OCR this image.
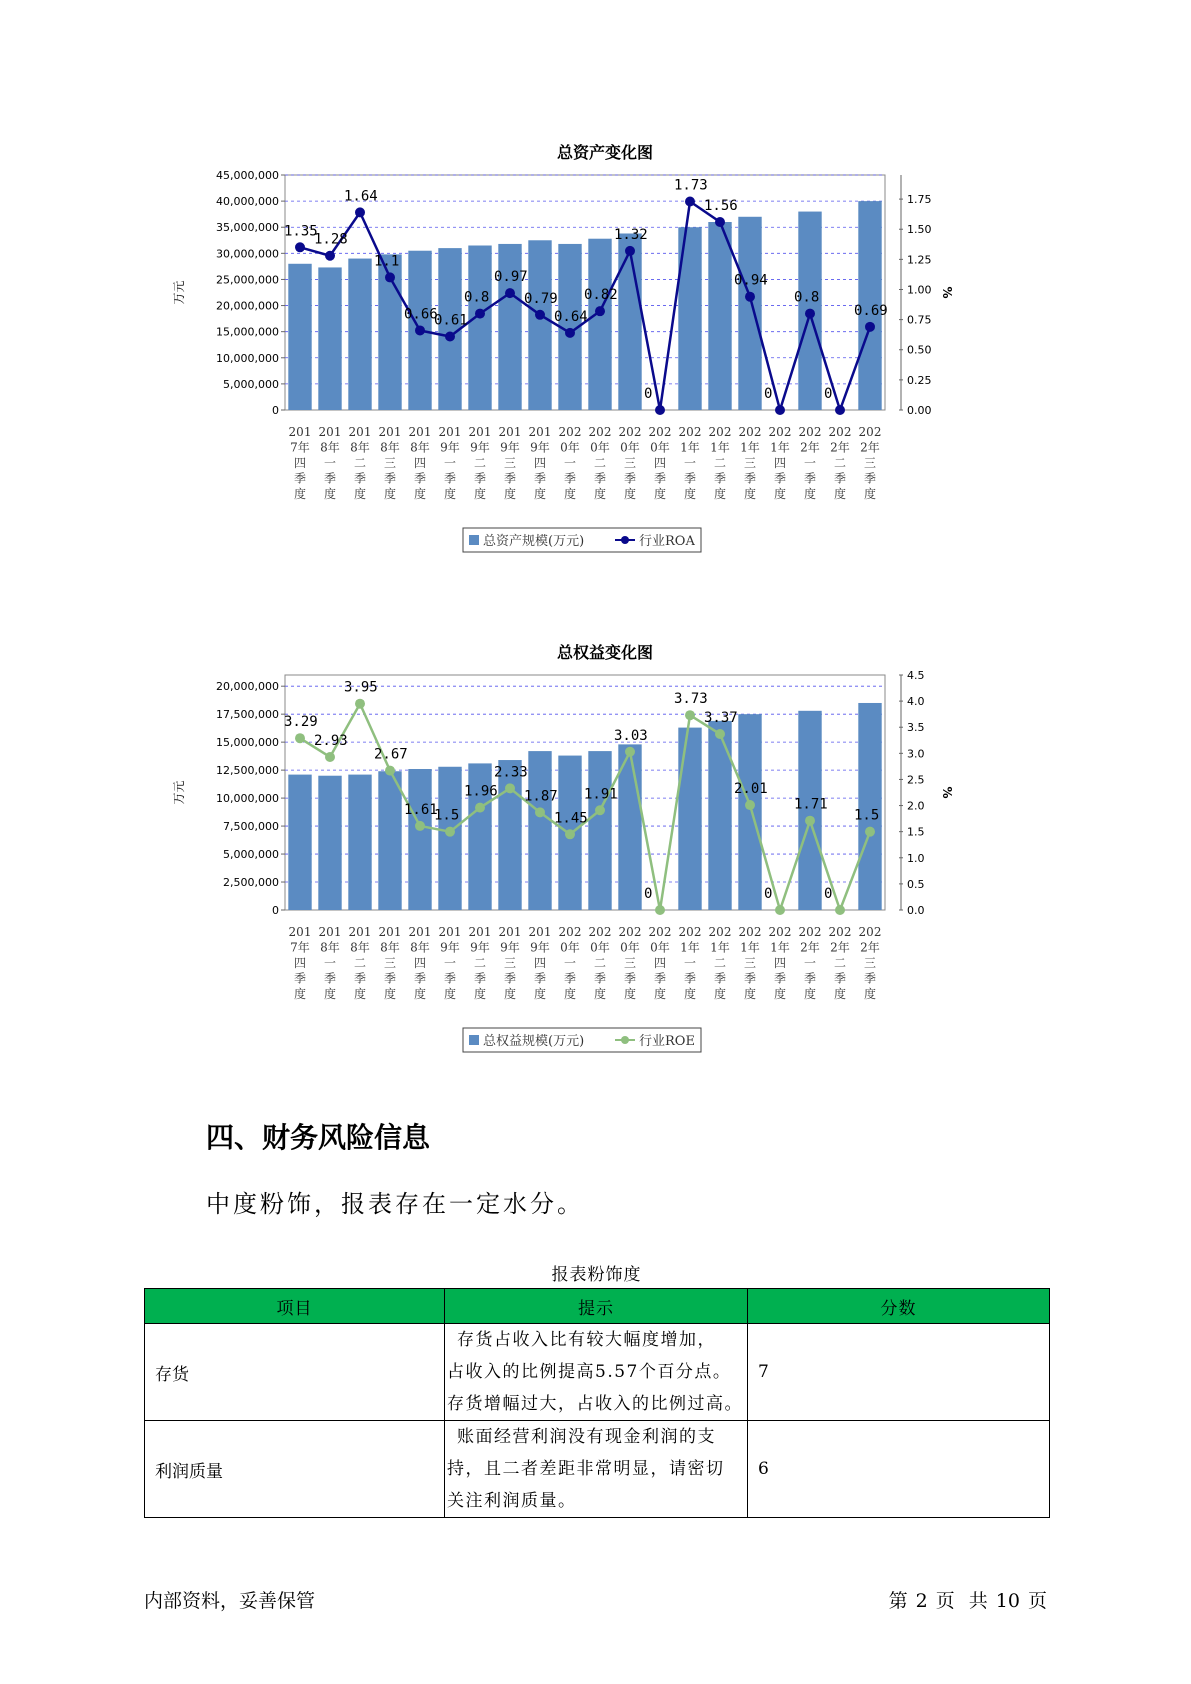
总资产变化图
0
5,000,000
10,000,000
15,000,000
20,000,000
25,000,000
30,000,000
35,000,000
40,000,000
45,000,000
0.00
0.25
0.50
0.75
1.00
1.25
1.50
1.75
万元	%
201
7年
四
季
度
201
8年
一
季
度
201
8年
二
季
度
201
8年
三
季
度
201
8年
四
季
度
201
9年
一
季
度
201
9年
二
季
度
201
9年
三
季
度
201
9年
四
季
度
202
0年
一
季
度
202
0年
二
季
度
202
0年
三
季
度
202
0年
四
季
度
202
1年
一
季
度
202
1年
二
季
度
202
1年
三
季
度
202
1年
四
季
度
202
2年
一
季
度
202
2年
二
季
度
202
2年
三
季
度
1.35
1.28
1.64
1.1
0.66
0.61
0.8
0.97
0.79
0.64
0.82
1.32
0
1.73
1.56
0.94
0
0.8
0
0.69
总资产规模(万元)	行业ROA
总权益变化图
0
2,500,000
5,000,000
7,500,000
10,000,000
12,500,000
15,000,000
17,500,000
20,000,000
0.0
0.5
1.0
1.5
2.0
2.5
3.0
3.5
4.0
4.5
万元	%
201
7年
四
季
度
201
8年
一
季
度
201
8年
二
季
度
201
8年
三
季
度
201
8年
四
季
度
201
9年
一
季
度
201
9年
二
季
度
201
9年
三
季
度
201
9年
四
季
度
202
0年
一
季
度
202
0年
二
季
度
202
0年
三
季
度
202
0年
四
季
度
202
1年
一
季
度
202
1年
二
季
度
202
1年
三
季
度
202
1年
四
季
度
202
2年
一
季
度
202
2年
二
季
度
202
2年
三
季
度
3.29
2.93
3.95
2.67
1.61
1.5
1.96
2.33
1.87
1.45
1.91
3.03
0
3.73
3.37
2.01
0
1.71
0
1.5
总权益规模(万元)	行业ROE
四、财务风险信息
中度粉饰，报表存在一定水分。
报表粉饰度
项目	提示	分数
存货	存货占收入比有较大幅度增加，
占收入的比例提高5.57个百分点。
存货增幅过大，占收入的比例过高。	7
利润质量	账面经营利润没有现金利润的支
持，且二者差距非常明显，请密切
关注利润质量。	6
内部资料，妥善保管	第 2 页 共 10 页
